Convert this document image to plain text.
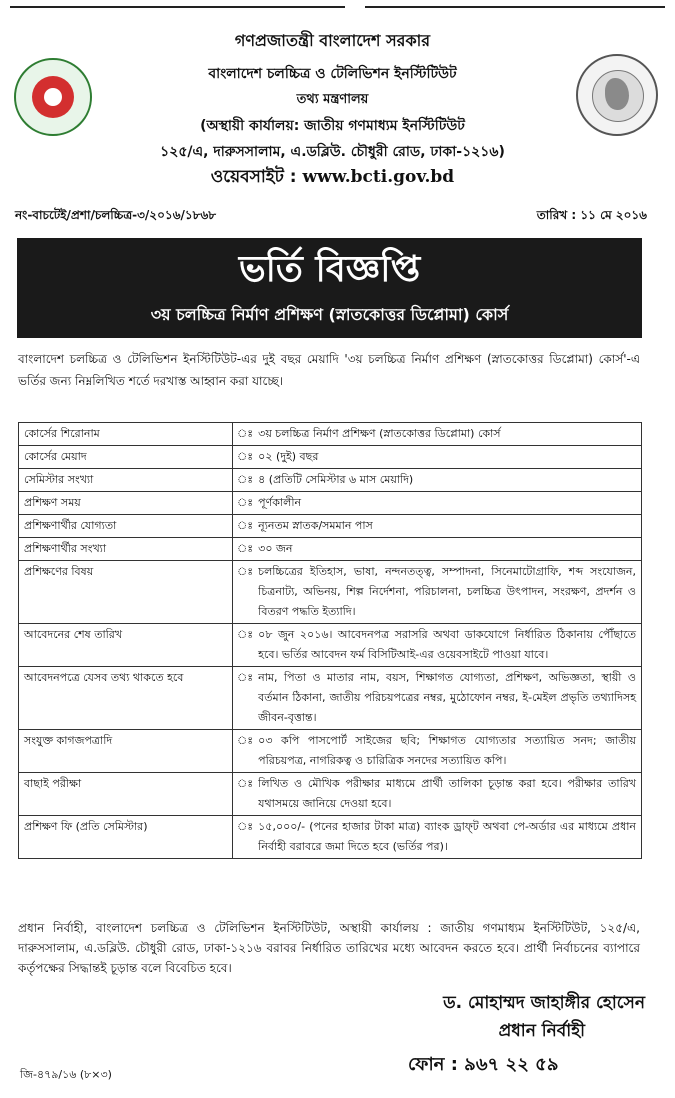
গণপ্রজাতন্ত্রী বাংলাদেশ সরকার
বাংলাদেশ চলচ্চিত্র ও টেলিভিশন ইনস্টিটিউট
তথ্য মন্ত্রণালয়
(অস্থায়ী কার্যালয়: জাতীয় গণমাধ্যম ইনস্টিটিউট
১২৫/এ, দারুসসালাম, এ.ডব্লিউ. চৌধুরী রোড, ঢাকা-১২১৬)
ওয়েবসাইট : www.bcti.gov.bd
নং-বাচটেই/প্রশা/চলচ্চিত্র-৩/২০১৬/১৮৬৮	তারিখ : ১১ মে ২০১৬
ভর্তি বিজ্ঞপ্তি
৩য় চলচ্চিত্র নির্মাণ প্রশিক্ষণ (স্নাতকোত্তর ডিপ্লোমা) কোর্স
বাংলাদেশ চলচ্চিত্র ও টেলিভিশন ইনস্টিটিউট-এর দুই বছর মেয়াদি '৩য় চলচ্চিত্র নির্মাণ প্রশিক্ষণ (স্নাতকোত্তর ডিপ্লোমা) কোর্স'-এ ভর্তির জন্য নিম্নলিখিত শর্তে দরখাস্ত আহ্বান করা যাচ্ছে।
কোর্সের শিরোনাম	ঃ	৩য় চলচ্চিত্র নির্মাণ প্রশিক্ষণ (স্নাতকোত্তর ডিপ্লোমা) কোর্স
কোর্সের মেয়াদ	ঃ	০২ (দুই) বছর
সেমিস্টার সংখ্যা	ঃ	৪ (প্রতিটি সেমিস্টার ৬ মাস মেয়াদি)
প্রশিক্ষণ সময়	ঃ	পূর্ণকালীন
প্রশিক্ষণার্থীর যোগ্যতা	ঃ	ন্যূনতম স্নাতক/সমমান পাস
প্রশিক্ষণার্থীর সংখ্যা	ঃ	৩০ জন
প্রশিক্ষণের বিষয়	ঃ	চলচ্চিত্রের ইতিহাস, ভাষা, নন্দনতত্ত্ব, সম্পাদনা, সিনেমাটোগ্রাফি, শব্দ সংযোজন, চিত্রনাট্য, অভিনয়, শিল্প নির্দেশনা, পরিচালনা, চলচ্চিত্র উৎপাদন, সংরক্ষণ, প্রদর্শন ও বিতরণ পদ্ধতি ইত্যাদি।
আবেদনের শেষ তারিখ	ঃ	০৮ জুন ২০১৬। আবেদনপত্র সরাসরি অথবা ডাকযোগে নির্ধারিত ঠিকানায় পৌঁছাতে হবে। ভর্তির আবেদন ফর্ম বিসিটিআই-এর ওয়েবসাইটে পাওয়া যাবে।
আবেদনপত্রে যেসব তথ্য থাকতে হবে	ঃ	নাম, পিতা ও মাতার নাম, বয়স, শিক্ষাগত যোগ্যতা, প্রশিক্ষণ, অভিজ্ঞতা, স্থায়ী ও বর্তমান ঠিকানা, জাতীয় পরিচয়পত্রের নম্বর, মুঠোফোন নম্বর, ই-মেইল প্রভৃতি তথ্যাদিসহ জীবন-বৃত্তান্ত।
সংযুক্ত কাগজপত্রাদি	ঃ	০৩ কপি পাসপোর্ট সাইজের ছবি; শিক্ষাগত যোগ্যতার সত্যায়িত সনদ; জাতীয় পরিচয়পত্র, নাগরিকত্ব ও চারিত্রিক সনদের সত্যায়িত কপি।
বাছাই পরীক্ষা	ঃ	লিখিত ও মৌখিক পরীক্ষার মাধ্যমে প্রার্থী তালিকা চূড়ান্ত করা হবে। পরীক্ষার তারিখ যথাসময়ে জানিয়ে দেওয়া হবে।
প্রশিক্ষণ ফি (প্রতি সেমিস্টার)	ঃ	১৫,০০০/- (পনের হাজার টাকা মাত্র) ব্যাংক ড্রাফ্‌ট অথবা পে-অর্ডার এর মাধ্যমে প্রধান নির্বাহী বরাবরে জমা দিতে হবে (ভর্তির পর)।
প্রধান নির্বাহী, বাংলাদেশ চলচ্চিত্র ও টেলিভিশন ইনস্টিটিউট, অস্থায়ী কার্যালয় : জাতীয় গণমাধ্যম ইনস্টিটিউট, ১২৫/এ, দারুসসালাম, এ.ডব্লিউ. চৌধুরী রোড, ঢাকা-১২১৬ বরাবর নির্ধারিত তারিখের মধ্যে আবেদন করতে হবে। প্রার্থী নির্বাচনের ব্যাপারে কর্তৃপক্ষের সিদ্ধান্তই চূড়ান্ত বলে বিবেচিত হবে।
ড. মোহাম্মদ জাহাঙ্গীর হোসেন
প্রধান নির্বাহী
ফোন : ৯৬৭ ২২ ৫৯
জি-৪৭৯/১৬ (৮×৩)
